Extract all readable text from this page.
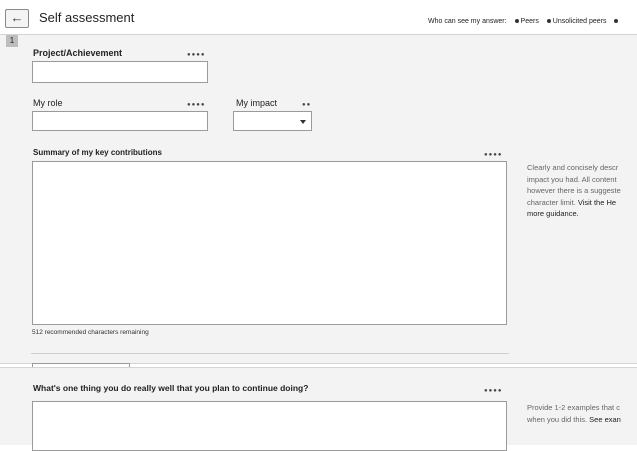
←	Self assessment	Who can see my answer: Peers Unsolicited peers
1
Project/Achievement	●●●●
My role	●●●●	My impact	●●
Summary of my key contributions	●●●●
Clearly and concisely descr
impact you had. All content
however there is a suggeste
character limit. Visit the He
more guidance.
512 recommended characters remaining
What's one thing you do really well that you plan to continue doing?	●●●●
Provide 1-2 examples that c
when you did this. See exan
